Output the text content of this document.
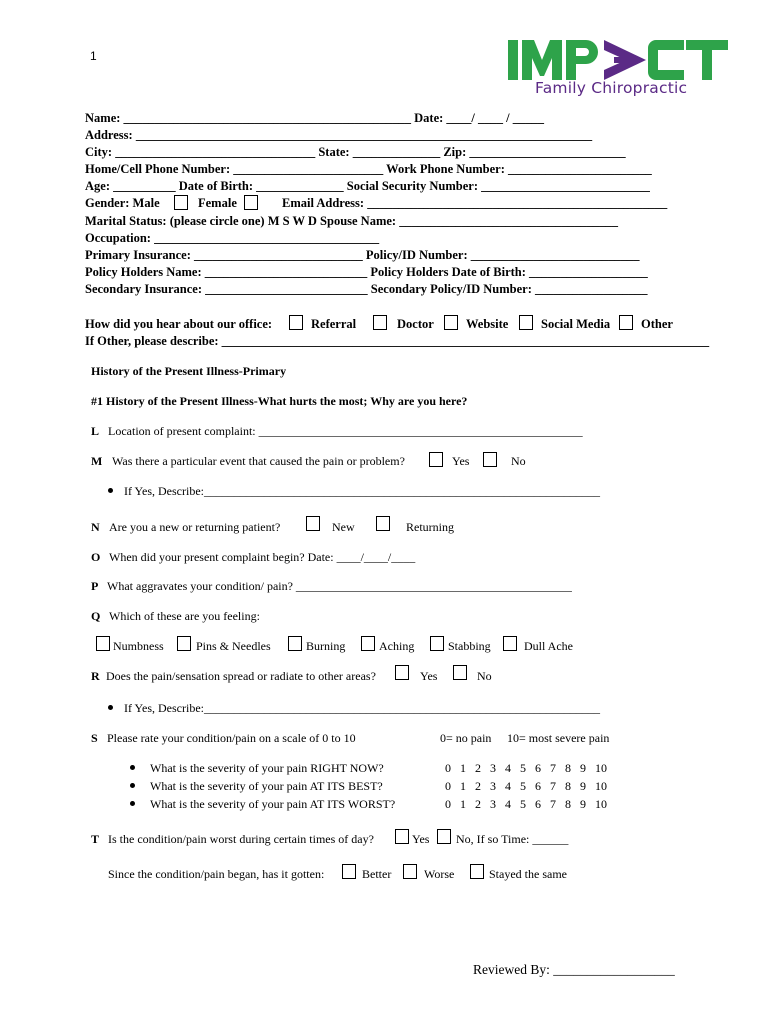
1
Family Chiropractic
Name: ______________________________________________ Date: ____/ ____ / _____
Address: _________________________________________________________________________
City: ________________________________ State: ______________ Zip: _________________________
Home/Cell Phone Number: ________________________ Work Phone Number: _______________________
Age: __________ Date of Birth: ______________ Social Security Number: ___________________________
Gender: Male	Female	Email Address: ________________________________________________
Marital Status: (please circle one) M S W D Spouse Name: ___________________________________
Occupation: ____________________________________
Primary Insurance: ___________________________ Policy/ID Number: ___________________________
Policy Holders Name: __________________________ Policy Holders Date of Birth: ___________________
Secondary Insurance: __________________________ Secondary Policy/ID Number: __________________
How did you hear about our office:	Referral	Doctor	Website	Social Media Other
If Other, please describe: ______________________________________________________________________________
History of the Present Illness-Primary
#1 History of the Present Illness-What hurts the most; Why are you here?
L Location of present complaint: ______________________________________________________
M Was there a particular event that caused the pain or problem?	Yes	No
If Yes, Describe:__________________________________________________________________
N Are you a new or returning patient?	New	Returning
O When did your present complaint begin? Date: ____/____/____
P What aggravates your condition/ pain? ______________________________________________
Q Which of these are you feeling:
Numbness	Pins & Needles	Burning	Aching	Stabbing	Dull Ache
R Does the pain/sensation spread or radiate to other areas?	Yes	No
If Yes, Describe:__________________________________________________________________
S Please rate your condition/pain on a scale of 0 to 10	0= no pain 10= most severe pain
What is the severity of your pain RIGHT NOW?	0   1   2   3   4   5   6   7   8   9   10
What is the severity of your pain AT ITS BEST?	0   1   2   3   4   5   6   7   8   9   10
What is the severity of your pain AT ITS WORST?	0   1   2   3   4   5   6   7   8   9   10
T Is the condition/pain worst during certain times of day?	Yes No, If so Time: ______
Since the condition/pain began, has it gotten:	Better	Worse	Stayed the same
Reviewed By: __________________
